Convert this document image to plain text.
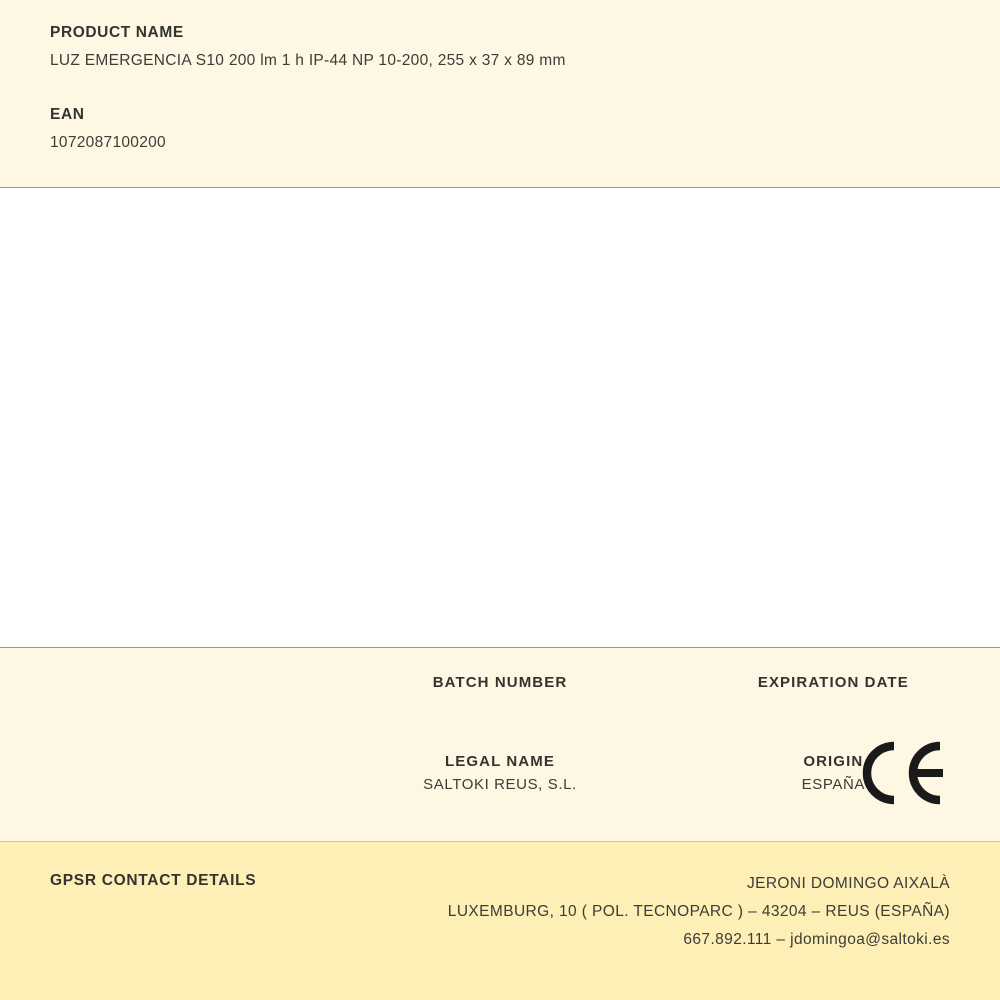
PRODUCT NAME

LUZ EMERGENCIA S10 200 lm 1 h IP-44 NP 10-200, 255 x 37 x 89 mm

EAN

1072087100200

BATCH NUMBER	EXPIRATION DATE

LEGAL NAME

SALTOKI REUS, S.L.

ORIGIN

ESPAÑA

GPSR CONTACT DETAILS	JERONI DOMINGO AIXALÀ
LUXEMBURG, 10 ( POL. TECNOPARC ) – 43204 – REUS (ESPAÑA)
667.892.111 – jdomingoa@saltoki.es
